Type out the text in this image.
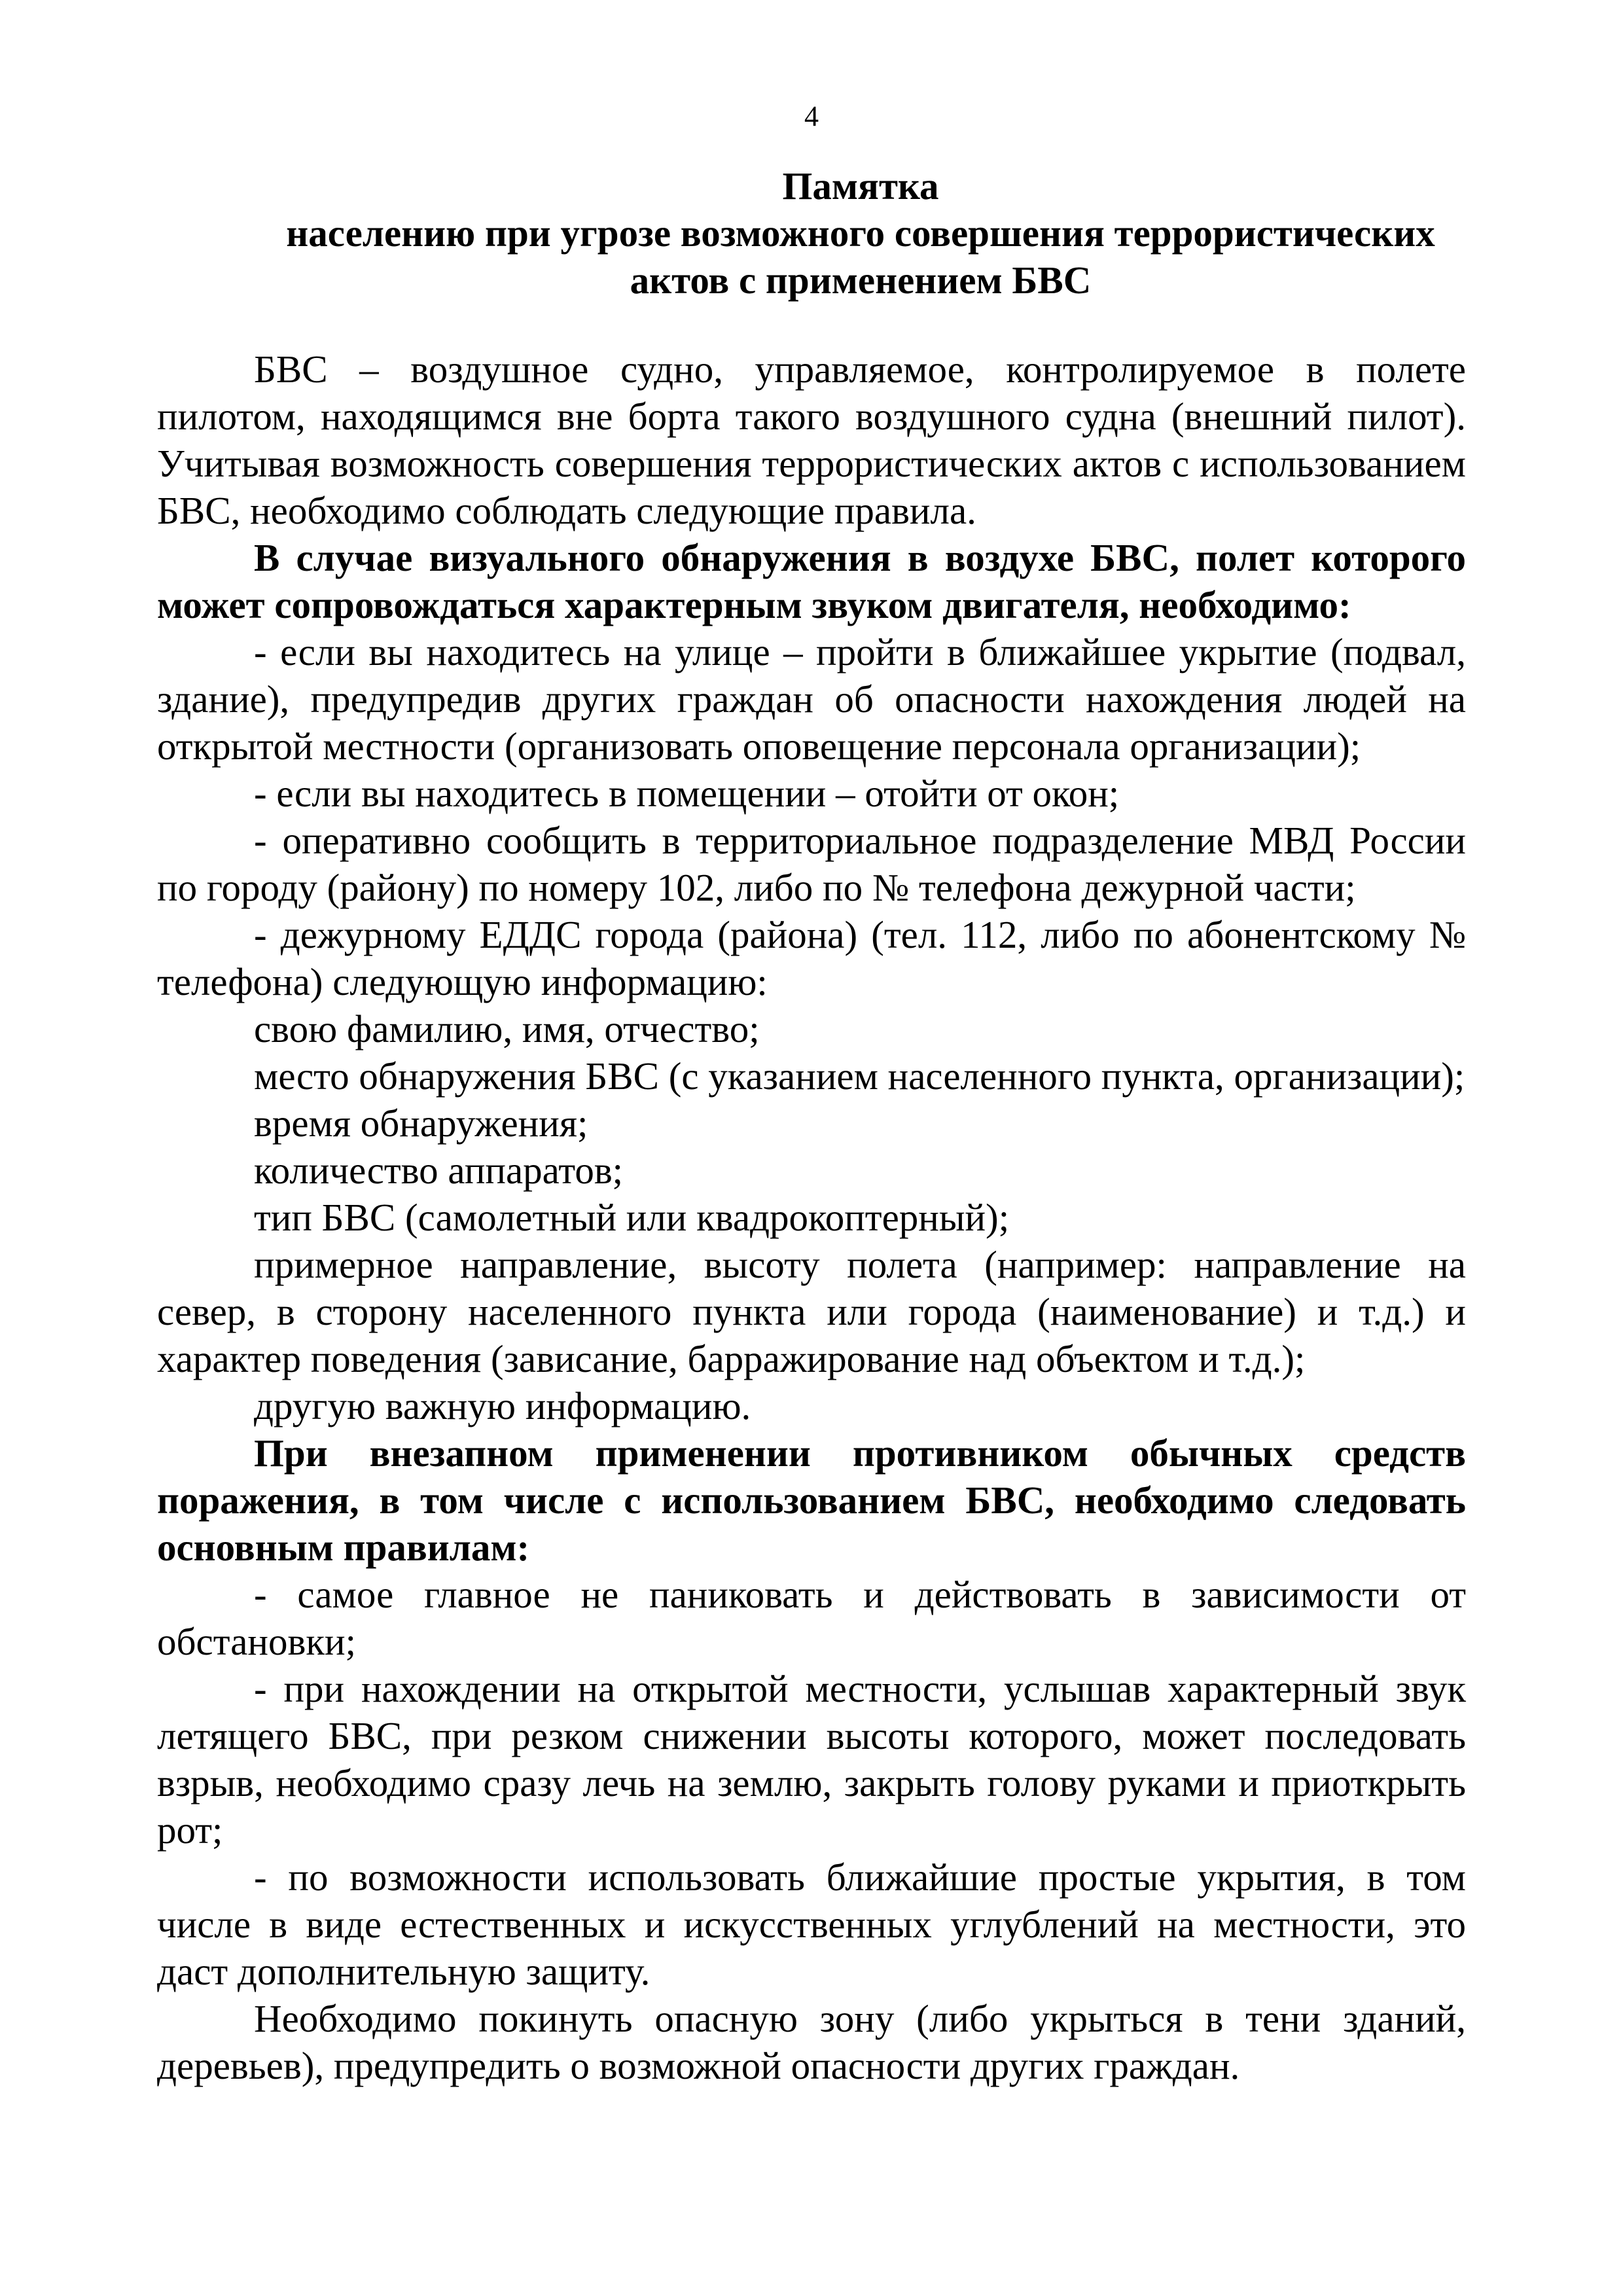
4
Памятка
населению при угрозе возможного совершения террористических
актов с применением БВС

БВС – воздушное судно, управляемое, контролируемое в полете пилотом, находящимся вне борта такого воздушного судна (внешний пилот). Учитывая возможность совершения террористических актов с использованием БВС, необходимо соблюдать следующие правила.

В случае визуального обнаружения в воздухе БВС, полет которого может сопровождаться характерным звуком двигателя, необходимо:

- если вы находитесь на улице – пройти в ближайшее укрытие (подвал, здание), предупредив других граждан об опасности нахождения людей на открытой местности (организовать оповещение персонала организации);

- если вы находитесь в помещении – отойти от окон;

- оперативно сообщить в территориальное подразделение МВД России по городу (району) по номеру 102, либо по № телефона дежурной части;

- дежурному ЕДДС города (района) (тел. 112, либо по абонентскому № телефона) следующую информацию:

свою фамилию, имя, отчество;

место обнаружения БВС (с указанием населенного пункта, организации);

время обнаружения;

количество аппаратов;

тип БВС (самолетный или квадрокоптерный);

примерное направление, высоту полета (например: направление на север, в сторону населенного пункта или города (наименование) и т.д.) и характер поведения (зависание, барражирование над объектом и т.д.);

другую важную информацию.

При внезапном применении противником обычных средств поражения, в том числе с использованием БВС, необходимо следовать основным правилам:

- самое главное не паниковать и действовать в зависимости от обстановки;

- при нахождении на открытой местности, услышав характерный звук летящего БВС, при резком снижении высоты которого, может последовать взрыв, необходимо сразу лечь на землю, закрыть голову руками и приоткрыть рот;

- по возможности использовать ближайшие простые укрытия, в том числе в виде естественных и искусственных углублений на местности, это даст дополнительную защиту.

Необходимо покинуть опасную зону (либо укрыться в тени зданий, деревьев), предупредить о возможной опасности других граждан.
